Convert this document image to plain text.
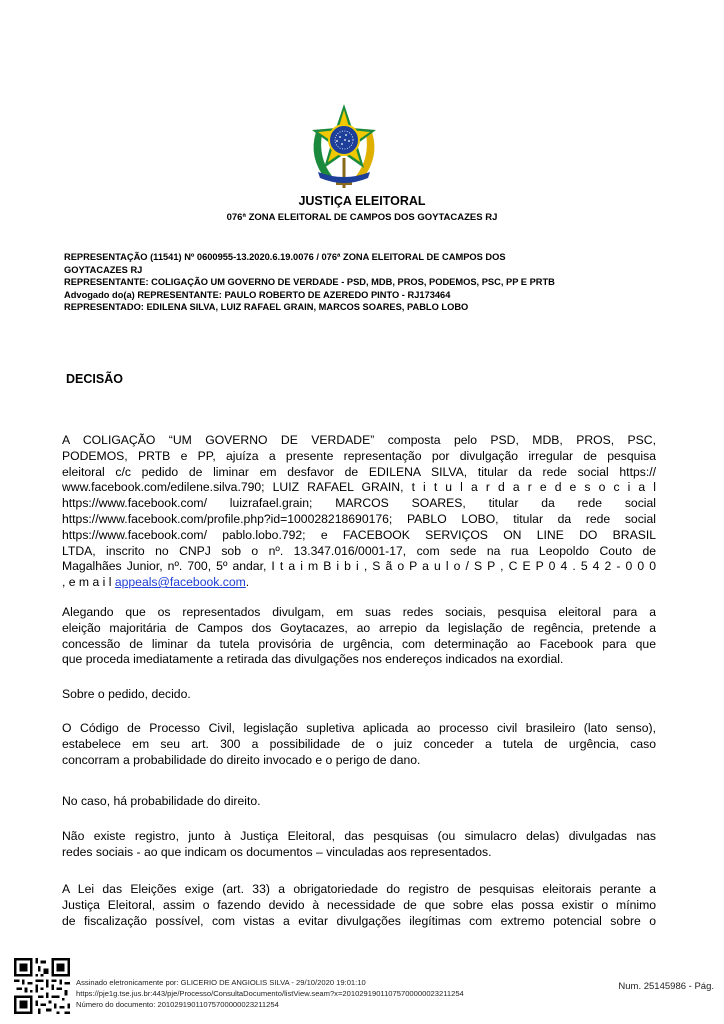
JUSTIÇA ELEITORAL
076ª ZONA ELEITORAL DE CAMPOS DOS GOYTACAZES RJ
REPRESENTAÇÃO (11541) Nº 0600955-13.2020.6.19.0076 / 076ª ZONA ELEITORAL DE CAMPOS DOS
GOYTACAZES RJ
REPRESENTANTE: COLIGAÇÃO UM GOVERNO DE VERDADE - PSD, MDB, PROS, PODEMOS, PSC, PP E PRTB
Advogado do(a) REPRESENTANTE: PAULO ROBERTO DE AZEREDO PINTO - RJ173464
REPRESENTADO: EDILENA SILVA, LUIZ RAFAEL GRAIN, MARCOS SOARES, PABLO LOBO
DECISÃO
A COLIGAÇÃO “UM GOVERNO DE VERDADE” composta pelo PSD, MDB, PROS, PSC,
PODEMOS, PRTB e PP, ajuíza a presente representação por divulgação irregular de pesquisa
eleitoral c/c pedido de liminar em desfavor de EDILENA SILVA, titular da rede social https://
www.facebook.com/edilene.silva.790; LUIZ RAFAEL GRAIN, t i t u l a r d a r e d e s o c i a l
https://www.facebook.com/ luizrafael.grain; MARCOS SOARES, titular da rede social
https://www.facebook.com/profile.php?id=100028218690176; PABLO LOBO, titular da rede social
https://www.facebook.com/ pablo.lobo.792; e FACEBOOK SERVIÇOS ON LINE DO BRASIL
LTDA, inscrito no CNPJ sob o nº. 13.347.016/0001-17, com sede na rua Leopoldo Couto de
Magalhães Junior, nº. 700, 5º andar, I t a i m B i b i , S ã o P a u l o / S P , C E P 0 4 . 5 4 2 - 0 0 0
, e m a i l appeals@facebook.com.
Alegando que os representados divulgam, em suas redes sociais, pesquisa eleitoral para a
eleição majoritária de Campos dos Goytacazes, ao arrepio da legislação de regência, pretende a
concessão de liminar da tutela provisória de urgência, com determinação ao Facebook para que
que proceda imediatamente a retirada das divulgações nos endereços indicados na exordial.
Sobre o pedido, decido.
O Código de Processo Civil, legislação supletiva aplicada ao processo civil brasileiro (lato senso),
estabelece em seu art. 300 a possibilidade de o juiz conceder a tutela de urgência, caso
concorram a probabilidade do direito invocado e o perigo de dano.
No caso, há probabilidade do direito.
Não existe registro, junto à Justiça Eleitoral, das pesquisas (ou simulacro delas) divulgadas nas
redes sociais - ao que indicam os documentos – vinculadas aos representados.
A Lei das Eleições exige (art. 33) a obrigatoriedade do registro de pesquisas eleitorais perante a
Justiça Eleitoral, assim o fazendo devido à necessidade de que sobre elas possa existir o mínimo
de fiscalização possível, com vistas a evitar divulgações ilegítimas com extremo potencial sobre o
Assinado eletronicamente por: GLICERIO DE ANGIOLIS SILVA - 29/10/2020 19:01:10
https://pje1g.tse.jus.br:443/pje/Processo/ConsultaDocumento/listView.seam?x=20102919011075700000023211254
Número do documento: 20102919011075700000023211254
Num. 25145986 - Pág.
